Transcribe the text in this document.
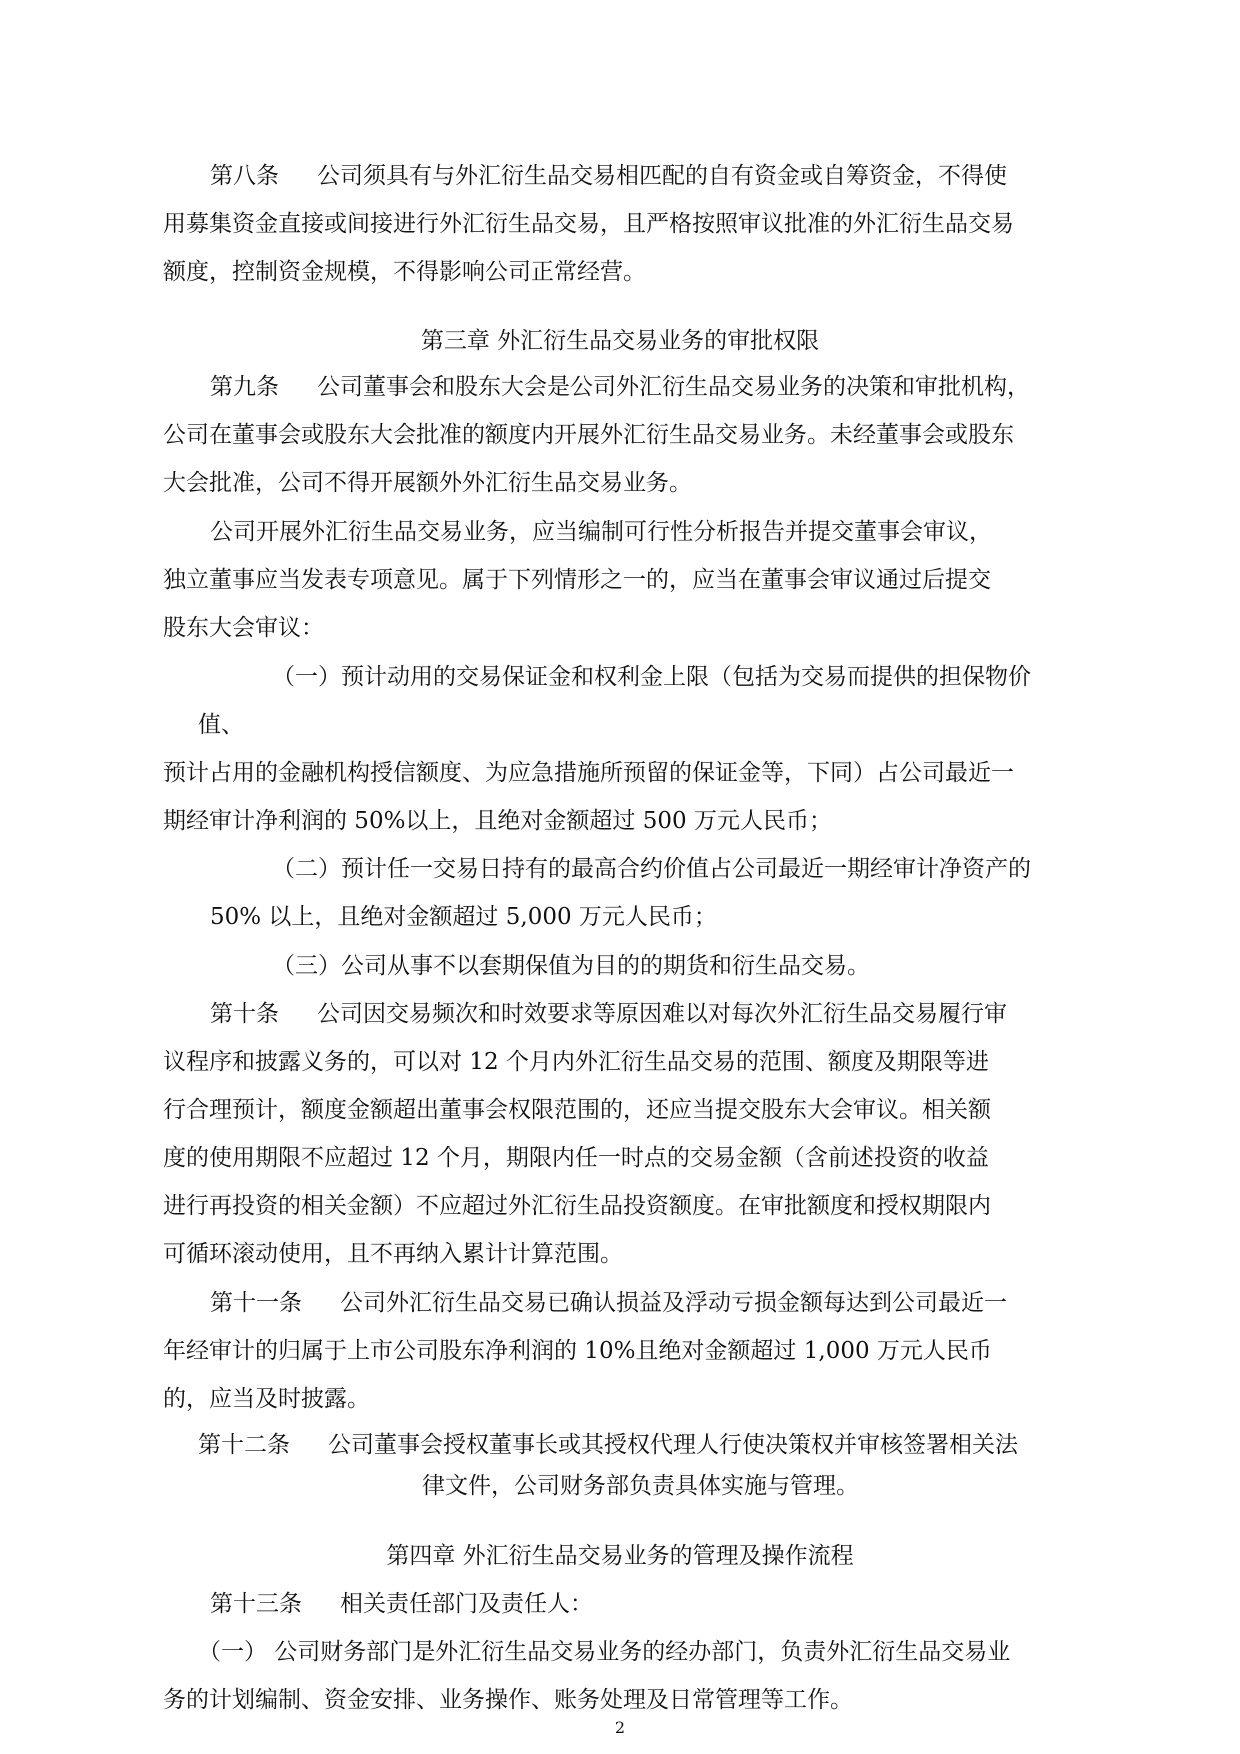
第八条 公司须具有与外汇衍生品交易相匹配的自有资金或自筹资金，不得使
用募集资金直接或间接进行外汇衍生品交易，且严格按照审议批准的外汇衍生品交易
额度，控制资金规模，不得影响公司正常经营。
第三章 外汇衍生品交易业务的审批权限
第九条 公司董事会和股东大会是公司外汇衍生品交易业务的决策和审批机构，
公司在董事会或股东大会批准的额度内开展外汇衍生品交易业务。未经董事会或股东
大会批准，公司不得开展额外外汇衍生品交易业务。
公司开展外汇衍生品交易业务，应当编制可行性分析报告并提交董事会审议，
独立董事应当发表专项意见。属于下列情形之一的，应当在董事会审议通过后提交
股东大会审议：
（一）预计动用的交易保证金和权利金上限（包括为交易而提供的担保物价
值、
预计占用的金融机构授信额度、为应急措施所预留的保证金等，下同）占公司最近一
期经审计净利润的 50%以上，且绝对金额超过 500 万元人民币；
（二）预计任一交易日持有的最高合约价值占公司最近一期经审计净资产的
50% 以上，且绝对金额超过 5,000 万元人民币；
（三）公司从事不以套期保值为目的的期货和衍生品交易。
第十条 公司因交易频次和时效要求等原因难以对每次外汇衍生品交易履行审
议程序和披露义务的，可以对 12 个月内外汇衍生品交易的范围、额度及期限等进
行合理预计，额度金额超出董事会权限范围的，还应当提交股东大会审议。相关额
度的使用期限不应超过 12 个月，期限内任一时点的交易金额（含前述投资的收益
进行再投资的相关金额）不应超过外汇衍生品投资额度。在审批额度和授权期限内
可循环滚动使用，且不再纳入累计计算范围。
第十一条 公司外汇衍生品交易已确认损益及浮动亏损金额每达到公司最近一
年经审计的归属于上市公司股东净利润的 10%且绝对金额超过 1,000 万元人民币
的，应当及时披露。
第十二条 公司董事会授权董事长或其授权代理人行使决策权并审核签署相关法
律文件，公司财务部负责具体实施与管理。
第四章 外汇衍生品交易业务的管理及操作流程
第十三条 相关责任部门及责任人：
（一） 公司财务部门是外汇衍生品交易业务的经办部门，负责外汇衍生品交易业
务的计划编制、资金安排、业务操作、账务处理及日常管理等工作。
2
